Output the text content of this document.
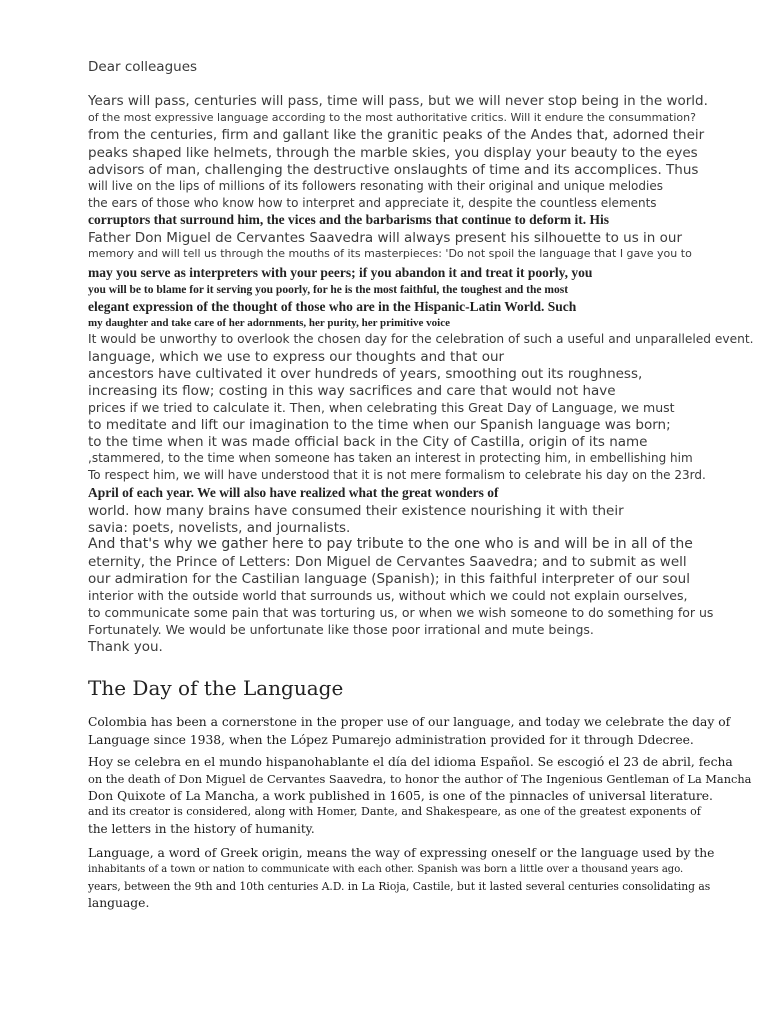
Dear colleagues
Years will pass, centuries will pass, time will pass, but we will never stop being in the world.
of the most expressive language according to the most authoritative critics. Will it endure the consummation?
from the centuries, firm and gallant like the granitic peaks of the Andes that, adorned their
peaks shaped like helmets, through the marble skies, you display your beauty to the eyes
advisors of man, challenging the destructive onslaughts of time and its accomplices. Thus
will live on the lips of millions of its followers resonating with their original and unique melodies
the ears of those who know how to interpret and appreciate it, despite the countless elements
corruptors that surround him, the vices and the barbarisms that continue to deform it. His
Father Don Miguel de Cervantes Saavedra will always present his silhouette to us in our
memory and will tell us through the mouths of its masterpieces: 'Do not spoil the language that I gave you to
may you serve as interpreters with your peers; if you abandon it and treat it poorly, you
you will be to blame for it serving you poorly, for he is the most faithful, the toughest and the most
elegant expression of the thought of those who are in the Hispanic-Latin World. Such
my daughter and take care of her adornments, her purity, her primitive voice
It would be unworthy to overlook the chosen day for the celebration of such a useful and unparalleled event.
language, which we use to express our thoughts and that our
ancestors have cultivated it over hundreds of years, smoothing out its roughness,
increasing its flow; costing in this way sacrifices and care that would not have
prices if we tried to calculate it. Then, when celebrating this Great Day of Language, we must
to meditate and lift our imagination to the time when our Spanish language was born;
to the time when it was made official back in the City of Castilla, origin of its name
,stammered, to the time when someone has taken an interest in protecting him, in embellishing him
To respect him, we will have understood that it is not mere formalism to celebrate his day on the 23rd.
April of each year. We will also have realized what the great wonders of
world. how many brains have consumed their existence nourishing it with their
savia: poets, novelists, and journalists.
And that's why we gather here to pay tribute to the one who is and will be in all of the
eternity, the Prince of Letters: Don Miguel de Cervantes Saavedra; and to submit as well
our admiration for the Castilian language (Spanish); in this faithful interpreter of our soul
interior with the outside world that surrounds us, without which we could not explain ourselves,
to communicate some pain that was torturing us, or when we wish someone to do something for us
Fortunately. We would be unfortunate like those poor irrational and mute beings.
Thank you.
The Day of the Language
Colombia has been a cornerstone in the proper use of our language, and today we celebrate the day of
Language since 1938, when the López Pumarejo administration provided for it through Ddecree.
Hoy se celebra en el mundo hispanohablante el día del idioma Español. Se escogió el 23 de abril, fecha
on the death of Don Miguel de Cervantes Saavedra, to honor the author of The Ingenious Gentleman of La Mancha
Don Quixote of La Mancha, a work published in 1605, is one of the pinnacles of universal literature.
and its creator is considered, along with Homer, Dante, and Shakespeare, as one of the greatest exponents of
the letters in the history of humanity.
Language, a word of Greek origin, means the way of expressing oneself or the language used by the
inhabitants of a town or nation to communicate with each other. Spanish was born a little over a thousand years ago.
years, between the 9th and 10th centuries A.D. in La Rioja, Castile, but it lasted several centuries consolidating as
language.
